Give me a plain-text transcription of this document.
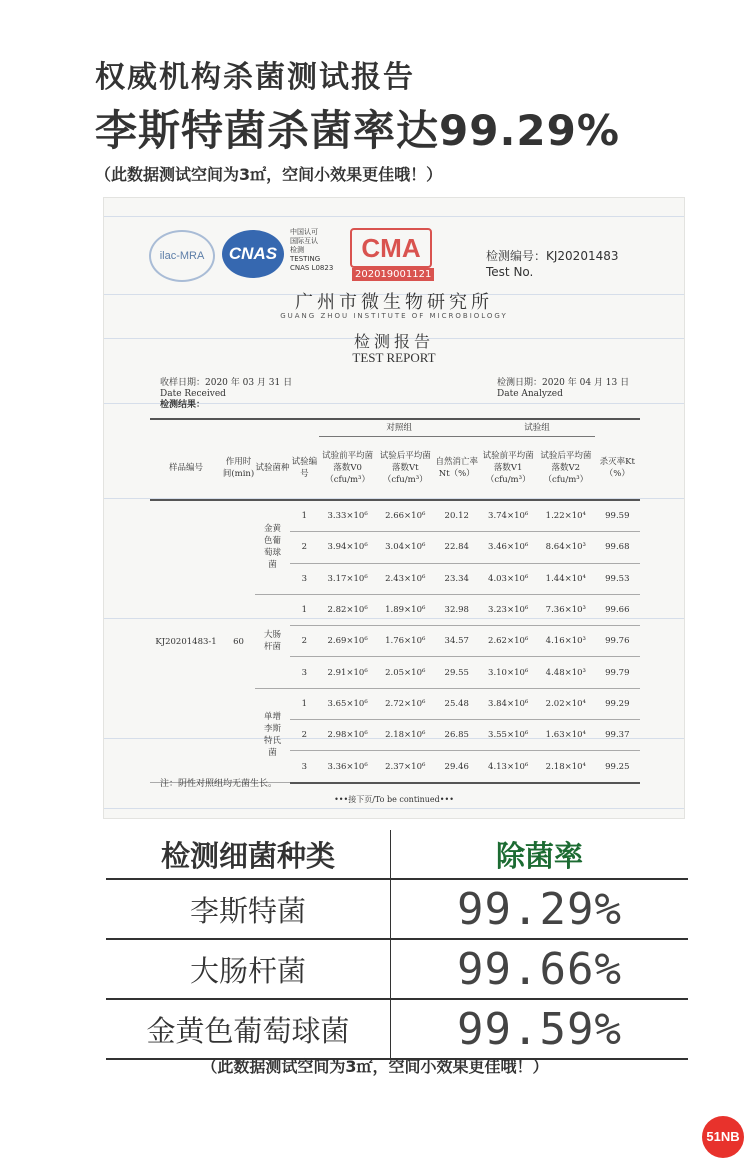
权威机构杀菌测试报告
李斯特菌杀菌率达99.29%
（此数据测试空间为3㎡，空间小效果更佳哦！）
ilac-MRA	CNAS
中国认可
国际互认
检测
TESTING
CNAS L0823
CMA
202019001121
检测编号：KJ20201483
Test No.
广州市微生物研究所
GUANG ZHOU INSTITUTE OF MICROBIOLOGY
检测报告
TEST REPORT
收样日期：2020 年 03 月 31 日
Date Received
检测结果：
检测日期：2020 年 04 月 13 日
Date Analyzed
				对照组			试验组		
样品编号	作用时间(min)	试验菌种	试验编号	试验前平均菌落数V0（cfu/m³）	试验后平均菌落数Vt（cfu/m³）	自然消亡率Nt（%）	试验前平均菌落数V1（cfu/m³）	试验后平均菌落数V2（cfu/m³）	杀灭率Kt（%）
KJ20201483-1	60	金黄色葡萄球菌	1	3.33×10⁶	2.66×10⁶	20.12	3.74×10⁶	1.22×10⁴	99.59
			2	3.94×10⁶	3.04×10⁶	22.84	3.46×10⁶	8.64×10³	99.68
			3	3.17×10⁶	2.43×10⁶	23.34	4.03×10⁶	1.44×10⁴	99.53
		大肠杆菌	1	2.82×10⁶	1.89×10⁶	32.98	3.23×10⁶	7.36×10³	99.66
			2	2.69×10⁶	1.76×10⁶	34.57	2.62×10⁶	4.16×10³	99.76
			3	2.91×10⁶	2.05×10⁶	29.55	3.10×10⁶	4.48×10³	99.79
		单增李斯特氏菌	1	3.65×10⁶	2.72×10⁶	25.48	3.84×10⁶	2.02×10⁴	99.29
			2	2.98×10⁶	2.18×10⁶	26.85	3.55×10⁶	1.63×10⁴	99.37
			3	3.36×10⁶	2.37×10⁶	29.46	4.13×10⁶	2.18×10⁴	99.25
注：阴性对照组均无菌生长。
•••接下页/To be continued•••
检测细菌种类	除菌率
李斯特菌	99.29%
大肠杆菌	99.66%
金黄色葡萄球菌	99.59%
（此数据测试空间为3㎡，空间小效果更佳哦！）
51NB
